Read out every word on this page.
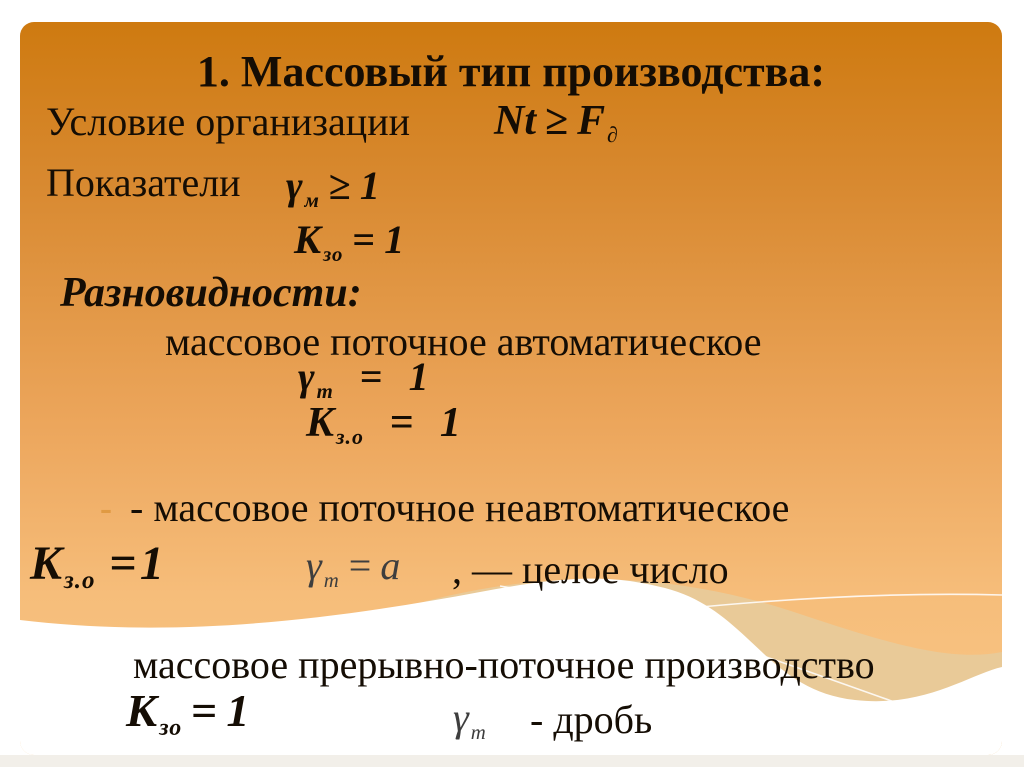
1. Массовый тип производства:
Условие организации Nt ≥ F∂
Показатели γм ≥ 1
Кзо = 1
Разновидности:
массовое поточное автоматическое
γm = 1
Kз.о = 1
- - массовое поточное неавтоматическое
Kз.о =1	γm = a , — целое число
массовое прерывно-поточное производство
Кзо = 1	γm - дробь
